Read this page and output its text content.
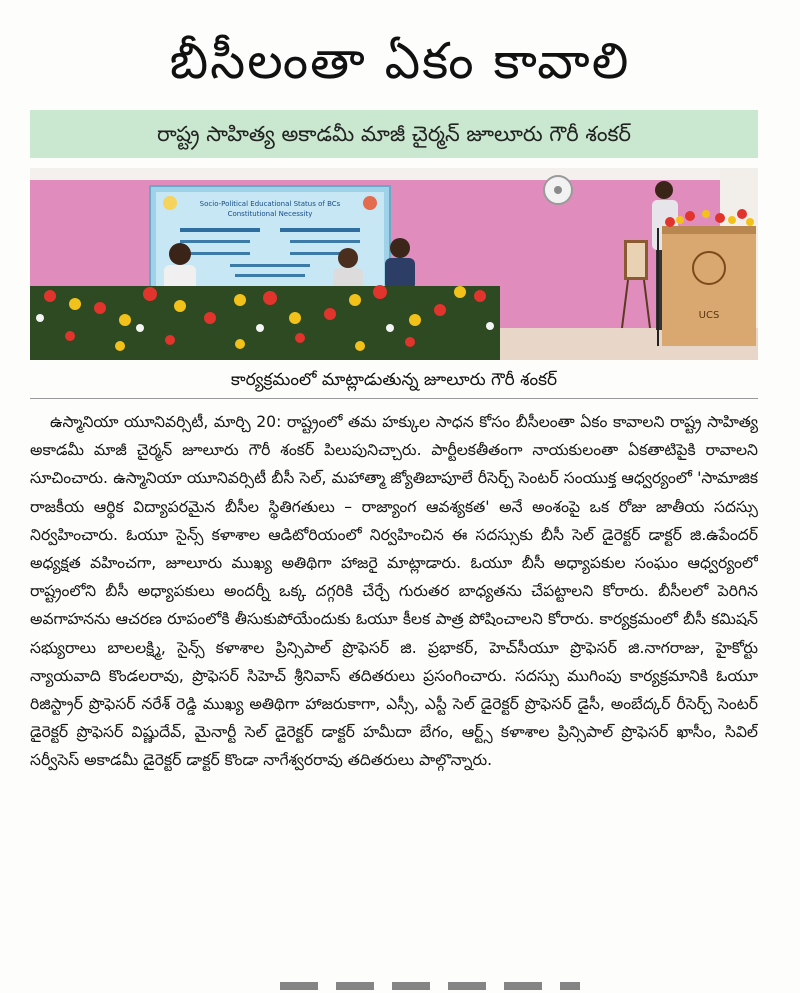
బీసీలంతా ఏకం కావాలి
రాష్ట్ర సాహిత్య అకాడమీ మాజీ చైర్మన్ జూలూరు గౌరీ శంకర్
Socio-Political Educational Status of BCs
Constitutional Necessity
UCS
కార్యక్రమంలో మాట్లాడుతున్న జూలూరు గౌరీ శంకర్

ఉస్మానియా యూనివర్సిటీ, మార్చి 20: రాష్ట్రంలో తమ హక్కుల సాధన కోసం బీసీలంతా ఏకం కావాలని రాష్ట్ర సాహిత్య అకాడమీ మాజీ చైర్మన్ జూలూరు గౌరీ శంకర్ పిలుపునిచ్చారు. పార్టీలకతీతంగా నాయకులంతా ఏకతాటిపైకి రావాలని సూచించారు. ఉస్మానియా యూనివర్సిటీ బీసీ సెల్, మహాత్మా జ్యోతిబాపూలే రీసెర్చ్ సెంటర్ సంయుక్త ఆధ్వర్యంలో 'సామాజిక రాజకీయ ఆర్థిక విద్యాపరమైన బీసీల స్థితిగతులు – రాజ్యాంగ ఆవశ్యకత' అనే అంశంపై ఒక రోజు జాతీయ సదస్సు నిర్వహించారు. ఓయూ సైన్స్ కళాశాల ఆడిటోరియంలో నిర్వహించిన ఈ సదస్సుకు బీసీ సెల్ డైరెక్టర్ డాక్టర్ జి.ఉపేందర్ అధ్యక్షత వహించగా, జూలూరు ముఖ్య అతిథిగా హాజరై మాట్లాడారు. ఓయూ బీసీ అధ్యాపకుల సంఘం ఆధ్వర్యంలో రాష్ట్రంలోని బీసీ అధ్యాపకులు అందర్నీ ఒక్క దగ్గరికి చేర్చే గురుతర బాధ్యతను చేపట్టాలని కోరారు. బీసీలలో పెరిగిన అవగాహనను ఆచరణ రూపంలోకి తీసుకుపోయేందుకు ఓయూ కీలక పాత్ర పోషించాలని కోరారు. కార్యక్రమంలో బీసీ కమిషన్ సభ్యురాలు బాలలక్ష్మి, సైన్స్ కళాశాల ప్రిన్సిపాల్ ప్రొఫెసర్ జి. ప్రభాకర్, హెచ్‌సీయూ ప్రొఫెసర్ జి.నాగరాజు, హైకోర్టు న్యాయవాది కొండలరావు, ప్రొఫెసర్ సిహెచ్ శ్రీనివాస్ తదితరులు ప్రసంగించారు. సదస్సు ముగింపు కార్యక్రమానికి ఓయూ రిజిస్ట్రార్ ప్రొఫెసర్ నరేశ్ రెడ్డి ముఖ్య అతిథిగా హాజరుకాగా, ఎస్సీ, ఎస్టీ సెల్ డైరెక్టర్ ప్రొఫెసర్ డైసీ, అంబేద్కర్ రీసెర్చ్ సెంటర్ డైరెక్టర్ ప్రొఫెసర్ విష్ణుదేవ్, మైనార్టీ సెల్ డైరెక్టర్ డాక్టర్ హమీదా బేగం, ఆర్ట్స్ కళాశాల ప్రిన్సిపాల్ ప్రొఫెసర్ ఖాసీం, సివిల్ సర్వీసెస్ అకాడమీ డైరెక్టర్ డాక్టర్ కొండా నాగేశ్వరరావు తదితరులు పాల్గొన్నారు.
